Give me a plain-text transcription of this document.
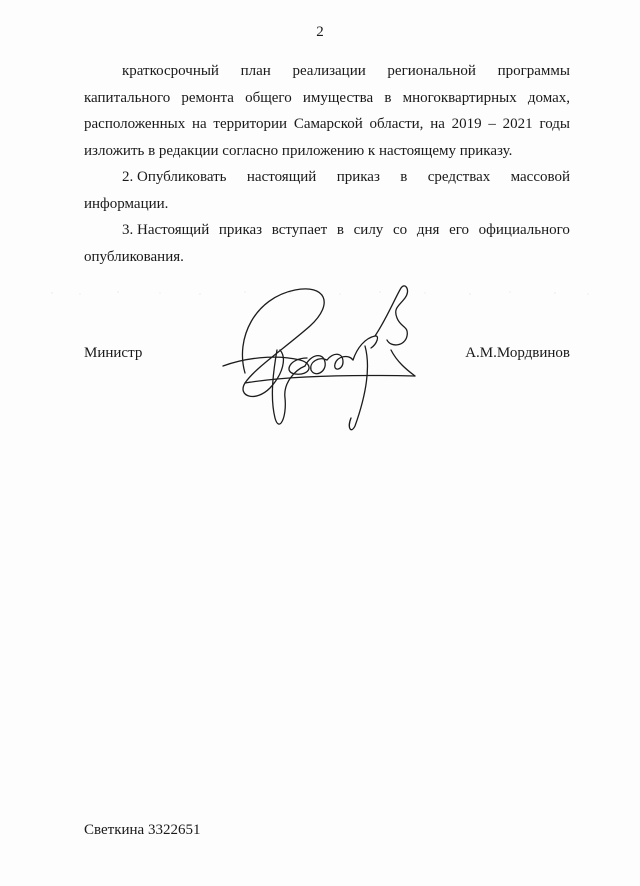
2
краткосрочный план реализации региональной программы
капитального ремонта общего имущества в многоквартирных домах,
расположенных на территории Самарской области, на 2019 – 2021 годы
изложить в редакции согласно приложению к настоящему приказу.
2. Опубликовать настоящий приказ в средствах массовой
информации.
3. Настоящий приказ вступает в силу со дня его официального
опубликования.
Министр	А.М.Мордвинов
Светкина 3322651
